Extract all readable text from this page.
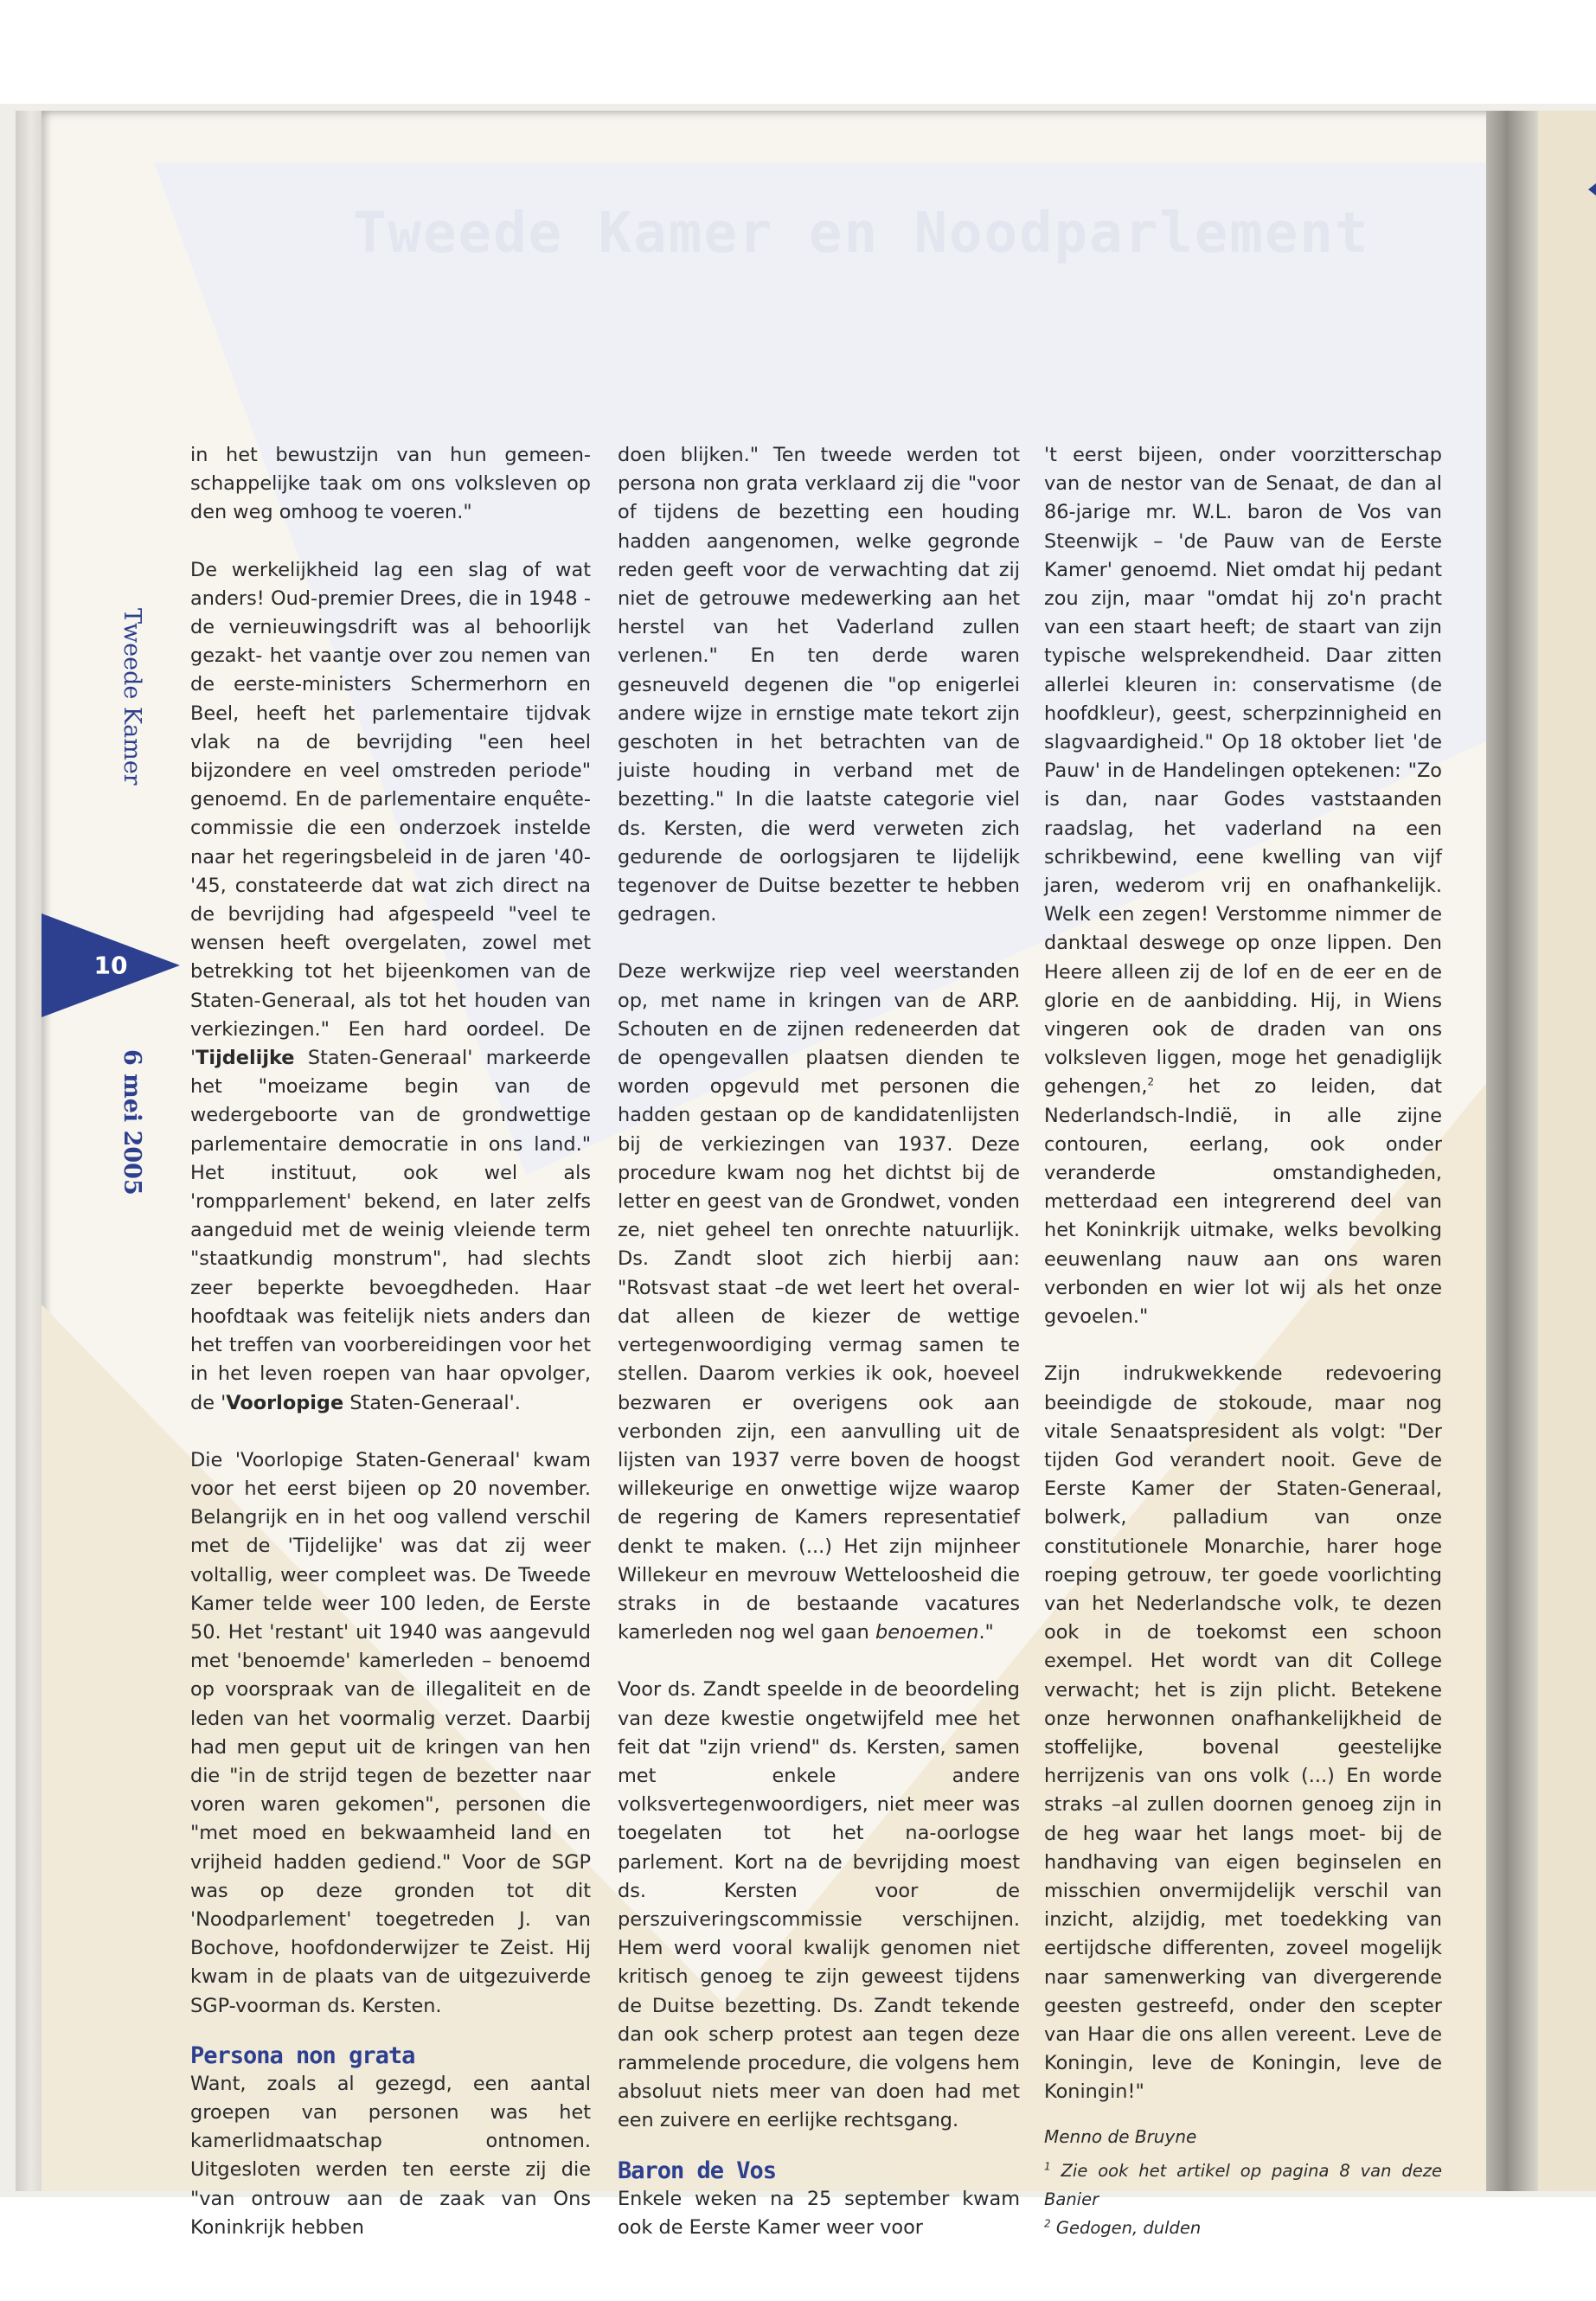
Tweede Kamer en Noodparlement
10
Tweede Kamer
6 mei 2005

in het bewustzijn van hun gemeen-schappelijke taak om ons volksleven op den weg omhoog te voeren."

De werkelijkheid lag een slag of wat anders! Oud-premier Drees, die in 1948 - de vernieuwingsdrift was al behoorlijk gezakt- het vaantje over zou nemen van de eerste-ministers Schermerhorn en Beel, heeft het parlementaire tijdvak vlak na de bevrijding "een heel bijzondere en veel omstreden periode" genoemd. En de parlementaire enquête-commissie die een onderzoek instelde naar het regeringsbeleid in de jaren '40-'45, constateerde dat wat zich direct na de bevrijding had afgespeeld "veel te wensen heeft overgelaten, zowel met betrekking tot het bijeenkomen van de Staten-Generaal, als tot het houden van verkiezingen." Een hard oordeel. De 'Tijdelijke Staten-Generaal' markeerde het "moeizame begin van de wedergeboorte van de grondwettige parlementaire democratie in ons land." Het instituut, ook wel als 'rompparlement' bekend, en later zelfs aangeduid met de weinig vleiende term "staatkundig monstrum", had slechts zeer beperkte bevoegdheden. Haar hoofdtaak was feitelijk niets anders dan het treffen van voorbereidingen voor het in het leven roepen van haar opvolger, de 'Voorlopige Staten-Generaal'.

Die 'Voorlopige Staten-Generaal' kwam voor het eerst bijeen op 20 november. Belangrijk en in het oog vallend verschil met de 'Tijdelijke' was dat zij weer voltallig, weer compleet was. De Tweede Kamer telde weer 100 leden, de Eerste 50. Het 'restant' uit 1940 was aangevuld met 'benoemde' kamerleden – benoemd op voorspraak van de illegaliteit en de leden van het voormalig verzet. Daarbij had men geput uit de kringen van hen die "in de strijd tegen de bezetter naar voren waren gekomen", personen die "met moed en bekwaamheid land en vrijheid hadden gediend." Voor de SGP was op deze gronden tot dit 'Noodparlement' toegetreden J. van Bochove, hoofdonderwijzer te Zeist. Hij kwam in de plaats van de uitgezuiverde SGP-voorman ds. Kersten.

Persona non grata

Want, zoals al gezegd, een aantal groepen van personen was het kamerlidmaatschap ontnomen. Uitgesloten werden ten eerste zij die "van ontrouw aan de zaak van Ons Koninkrijk hebben

doen blijken." Ten tweede werden tot persona non grata verklaard zij die "voor of tijdens de bezetting een houding hadden aangenomen, welke gegronde reden geeft voor de verwachting dat zij niet de getrouwe medewerking aan het herstel van het Vaderland zullen verlenen." En ten derde waren gesneuveld degenen die "op enigerlei andere wijze in ernstige mate tekort zijn geschoten in het betrachten van de juiste houding in verband met de bezetting." In die laatste categorie viel ds. Kersten, die werd verweten zich gedurende de oorlogsjaren te lijdelijk tegenover de Duitse bezetter te hebben gedragen.

Deze werkwijze riep veel weerstanden op, met name in kringen van de ARP. Schouten en de zijnen redeneerden dat de opengevallen plaatsen dienden te worden opgevuld met personen die hadden gestaan op de kandidatenlijsten bij de verkiezingen van 1937. Deze procedure kwam nog het dichtst bij de letter en geest van de Grondwet, vonden ze, niet geheel ten onrechte natuurlijk. Ds. Zandt sloot zich hierbij aan: "Rotsvast staat –de wet leert het overal- dat alleen de kiezer de wettige vertegenwoordiging vermag samen te stellen. Daarom verkies ik ook, hoeveel bezwaren er overigens ook aan verbonden zijn, een aanvulling uit de lijsten van 1937 verre boven de hoogst willekeurige en onwettige wijze waarop de regering de Kamers representatief denkt te maken. (...) Het zijn mijnheer Willekeur en mevrouw Wetteloosheid die straks in de bestaande vacatures kamerleden nog wel gaan benoemen."

Voor ds. Zandt speelde in de beoordeling van deze kwestie ongetwijfeld mee het feit dat "zijn vriend" ds. Kersten, samen met enkele andere volksvertegenwoordigers, niet meer was toegelaten tot het na-oorlogse parlement. Kort na de bevrijding moest ds. Kersten voor de perszuiveringscommissie verschijnen. Hem werd vooral kwalijk genomen niet kritisch genoeg te zijn geweest tijdens de Duitse bezetting. Ds. Zandt tekende dan ook scherp protest aan tegen deze rammelende procedure, die volgens hem absoluut niets meer van doen had met een zuivere en eerlijke rechtsgang.

Baron de Vos

Enkele weken na 25 september kwam ook de Eerste Kamer weer voor

't eerst bijeen, onder voorzitterschap van de nestor van de Senaat, de dan al 86-jarige mr. W.L. baron de Vos van Steenwijk – 'de Pauw van de Eerste Kamer' genoemd. Niet omdat hij pedant zou zijn, maar "omdat hij zo'n pracht van een staart heeft; de staart van zijn typische welsprekendheid. Daar zitten allerlei kleuren in: conservatisme (de hoofdkleur), geest, scherpzinnigheid en slagvaardigheid." Op 18 oktober liet 'de Pauw' in de Handelingen optekenen: "Zo is dan, naar Godes vaststaanden raadslag, het vaderland na een schrikbewind, eene kwelling van vijf jaren, wederom vrij en onafhankelijk. Welk een zegen! Verstomme nimmer de danktaal deswege op onze lippen. Den Heere alleen zij de lof en de eer en de glorie en de aanbidding. Hij, in Wiens vingeren ook de draden van ons volksleven liggen, moge het genadiglijk gehengen,$^2$ het zo leiden, dat Nederlandsch-Indië, in alle zijne contouren, eerlang, ook onder veranderde omstandigheden, metterdaad een integrerend deel van het Koninkrijk uitmake, welks bevolking eeuwenlang nauw aan ons waren verbonden en wier lot wij als het onze gevoelen."

Zijn indrukwekkende redevoering beeindigde de stokoude, maar nog vitale Senaatspresident als volgt: "Der tijden God verandert nooit. Geve de Eerste Kamer der Staten-Generaal, bolwerk, palladium van onze constitutionele Monarchie, harer hoge roeping getrouw, ter goede voorlichting van het Nederlandsche volk, te dezen ook in de toekomst een schoon exempel. Het wordt van dit College verwacht; het is zijn plicht. Betekene onze herwonnen onafhankelijkheid de stoffelijke, bovenal geestelijke herrijzenis van ons volk (...) En worde straks –al zullen doornen genoeg zijn in de heg waar het langs moet- bij de handhaving van eigen beginselen en misschien onvermijdelijk verschil van inzicht, alzijdig, met toedekking van eertijdsche differenten, zoveel mogelijk naar samenwerking van divergerende geesten gestreefd, onder den scepter van Haar die ons allen vereent. Leve de Koningin, leve de Koningin, leve de Koningin!"

Menno de Bruyne

$^1$ Zie ook het artikel op pagina 8 van deze Banier

$^2$ Gedogen, dulden
